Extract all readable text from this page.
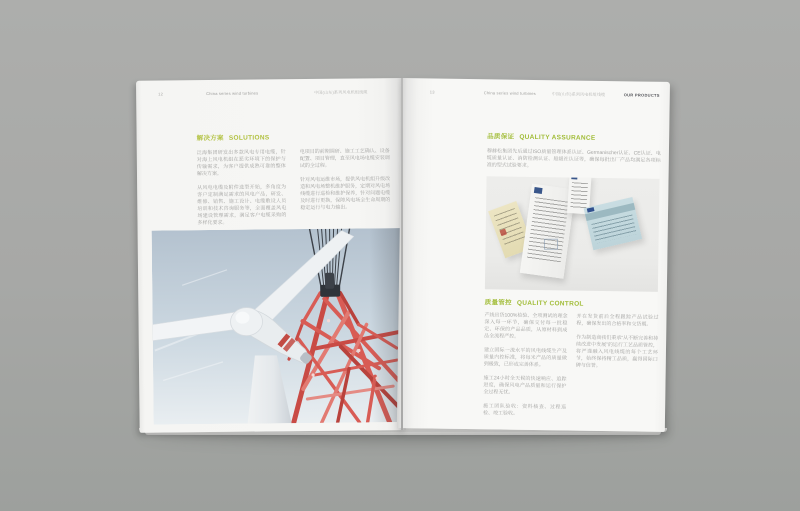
12	China series wind turbines	中国(山东)系列风电机组线缆
解决方案 SOLUTIONS

泛海集团研发出多款风电专用电缆，针对海上风电机组在恶劣环境下的保护与传输需求，为客户提供成熟可靠的整体解决方案。

从风电电缆及附件选型开始，多角度为客户定制满足需求的风电产品，研发、维修、销售、施工设计、电缆敷设人员培训和技术咨询服务等，全面覆盖风电场建设管理需求，满足客户电缆采购的多样化要求。

电项目的前期调研、施工工艺确认、设备配置、项目管理，直至风电场电缆安装调试的全过程。

针对风电运维市场，提供风电机组升级改造和风电场整机维护服务，定期对风电场线缆进行巡检和维护保养，针对问题电缆及时进行更换，保障风电场全生命周期的稳定运行与电力输出。

13	China series wind turbines	中国(山东)系列风电机组线缆	OUR PRODUCTS
品质保证 QUALITY ASSURANCE

穆赫松集团先后通过ISO质量管理体系认证、Germanischer认证、CE认证、电缆质量认证、消防检测认证、船级社认证等，确保每批出厂产品均满足各项标准的型式试验要求。

质量管控 QUALITY CONTROL

产线出货100%检验、全项测试的理念深入每一环节，确保交付每一批稳定、环保的产品品质，从原材料到成品全流程严控。

建立国际一流水平的风电线缆生产及质量内控标准，将每米产品的质量做到极致，已形成完善体系。

施工24小时全天候的快速响应、追踪进度，确保风电产品质量和运行保护全过程无忧。

施工团队验收：资料核查、过程巡检、竣工验收。

并在发货前后全程跟踪产品试验过程，确保发出的合格率和交货期。

作为制造商我们秉承“从不断完善和持续改进中发展”的运行工艺品质管控，将严谨融入风电线缆的每个工艺环节，始终保持精工品质，赢得国际口碑与信誉。
